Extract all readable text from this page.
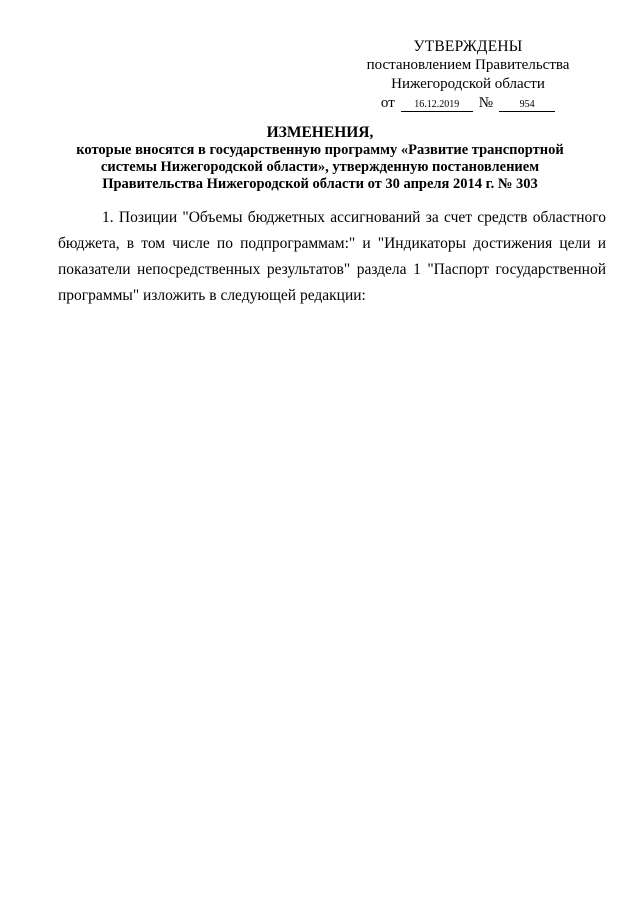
УТВЕРЖДЕНЫ
постановлением Правительства
Нижегородской области
от	16.12.2019	№	954
ИЗМЕНЕНИЯ,
которые вносятся в государственную программу «Развитие транспортной системы Нижегородской области», утвержденную постановлением Правительства Нижегородской области от 30 апреля 2014 г. № 303

1. Позиции "Объемы бюджетных ассигнований за счет средств областного бюджета, в том числе по подпрограммам:" и "Индикаторы достижения цели и показатели непосредственных результатов" раздела 1 "Паспорт государственной программы" изложить в следующей редакции:
